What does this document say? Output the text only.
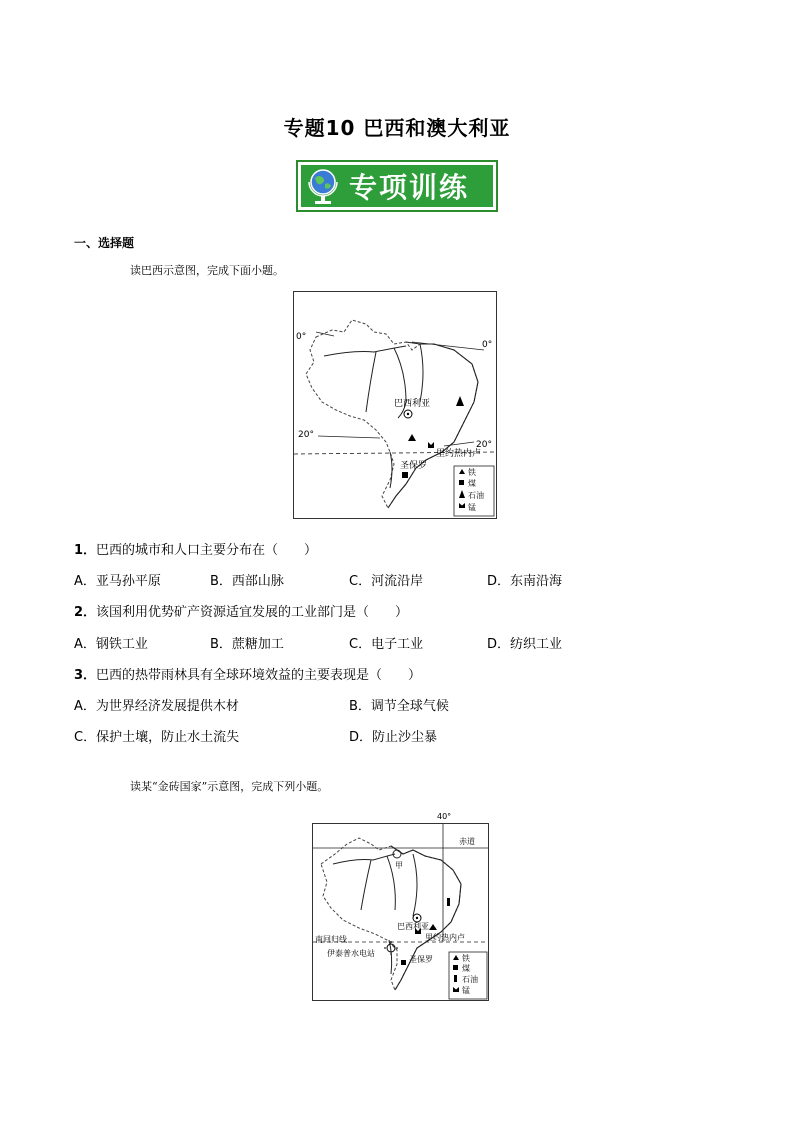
专题10 巴西和澳大利亚
专项训练
一、选择题
读巴西示意图，完成下面小题。
0°
0°
20°
20°
巴西利亚
里约热内卢
圣保罗
铁
煤
石油
锰
1．巴西的城市和人口主要分布在（　　）
A．亚马孙平原	B．西部山脉	C．河流沿岸	D．东南沿海
2．该国利用优势矿产资源适宜发展的工业部门是（　　）
A．钢铁工业	B．蔗糖加工	C．电子工业	D．纺织工业
3．巴西的热带雨林具有全球环境效益的主要表现是（　　）
A．为世界经济发展提供木材	B．调节全球气候
C．保护土壤，防止水土流失	D．防止沙尘暴
读某“金砖国家”示意图，完成下列小题。
40°
赤道
甲
巴西利亚
里约热内卢
南回归线
伊泰普水电站
圣保罗	铁
煤
石油
锰
